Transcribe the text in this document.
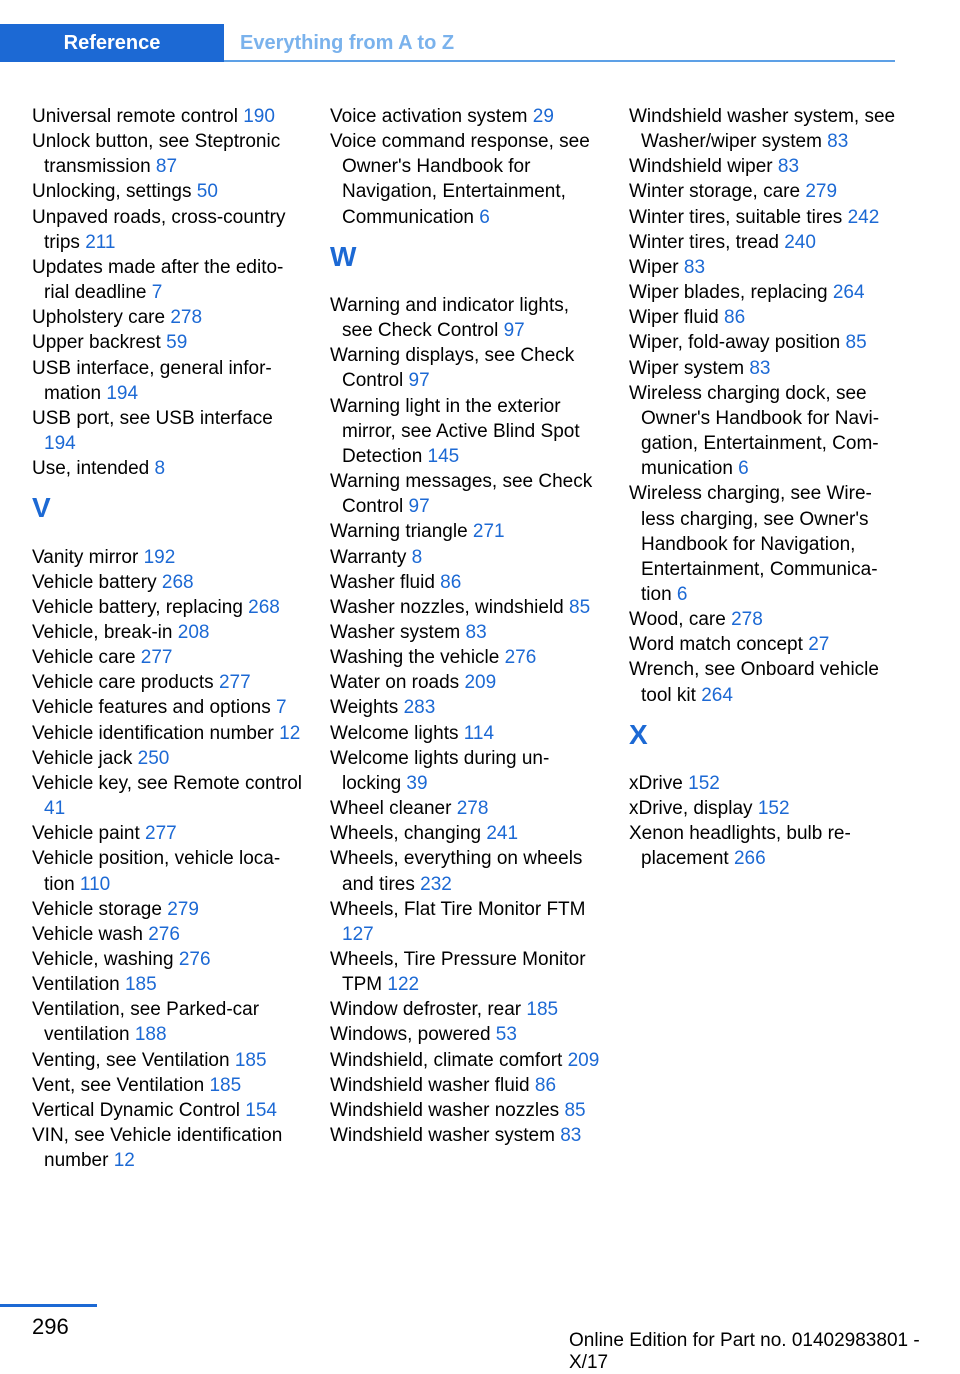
Reference	Everything from A to Z
Universal remote control 190
Unlock button, see Steptronic transmission 87
Unlocking, settings 50
Unpaved roads, cross-country trips 211
Updates made after the editorial deadline 7
Upholstery care 278
Upper backrest 59
USB interface, general information 194
USB port, see USB interface 194
Use, intended 8
V
Vanity mirror 192
Vehicle battery 268
Vehicle battery, replacing 268
Vehicle, break-in 208
Vehicle care 277
Vehicle care products 277
Vehicle features and options 7
Vehicle identification number 12
Vehicle jack 250
Vehicle key, see Remote control 41
Vehicle paint 277
Vehicle position, vehicle location 110
Vehicle storage 279
Vehicle wash 276
Vehicle, washing 276
Ventilation 185
Ventilation, see Parked-car ventilation 188
Venting, see Ventilation 185
Vent, see Ventilation 185
Vertical Dynamic Control 154
VIN, see Vehicle identification number 12
Voice activation system 29
Voice command response, see Owner's Handbook for Navigation, Entertainment, Communication 6
W
Warning and indicator lights, see Check Control 97
Warning displays, see Check Control 97
Warning light in the exterior mirror, see Active Blind Spot Detection 145
Warning messages, see Check Control 97
Warning triangle 271
Warranty 8
Washer fluid 86
Washer nozzles, windshield 85
Washer system 83
Washing the vehicle 276
Water on roads 209
Weights 283
Welcome lights 114
Welcome lights during unlocking 39
Wheel cleaner 278
Wheels, changing 241
Wheels, everything on wheels and tires 232
Wheels, Flat Tire Monitor FTM 127
Wheels, Tire Pressure Monitor TPM 122
Window defroster, rear 185
Windows, powered 53
Windshield, climate comfort 209
Windshield washer fluid 86
Windshield washer nozzles 85
Windshield washer system 83
Windshield washer system, see Washer/wiper system 83
Windshield wiper 83
Winter storage, care 279
Winter tires, suitable tires 242
Winter tires, tread 240
Wiper 83
Wiper blades, replacing 264
Wiper fluid 86
Wiper, fold-away position 85
Wiper system 83
Wireless charging dock, see Owner's Handbook for Navigation, Entertainment, Communication 6
Wireless charging, see Wireless charging, see Owner's Handbook for Navigation, Entertainment, Communication 6
Wood, care 278
Word match concept 27
Wrench, see Onboard vehicle tool kit 264
X
xDrive 152
xDrive, display 152
Xenon headlights, bulb replacement 266
296
Online Edition for Part no. 01402983801 - X/17
